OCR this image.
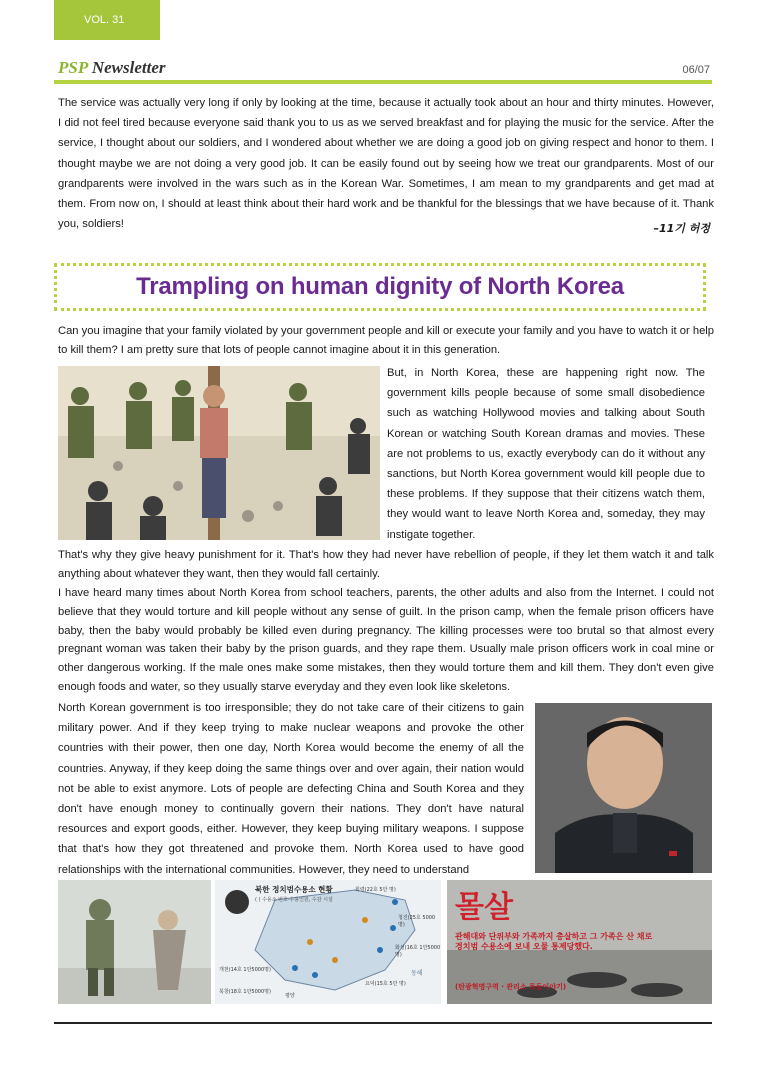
VOL. 31
PSP Newsletter	06/07

The service was actually very long if only by looking at the time, because it actually took about an hour and thirty minutes. However, I did not feel tired because everyone said thank you to us as we served breakfast and for playing the music for the service. After the service, I thought about our soldiers, and I wondered about whether we are doing a good job on giving respect and honor to them. I thought maybe we are not doing a very good job. It can be easily found out by seeing how we treat our grandparents. Most of our grandparents were involved in the wars such as in the Korean War. Sometimes, I am mean to my grandparents and get mad at them. From now on, I should at least think about their hard work and be thankful for the blessings that we have because of it. Thank you, soldiers!	–11기 허정
Trampling on human dignity of North Korea

Can you imagine that your family violated by your government people and kill or execute your family and you have to watch it or help to kill them? I am pretty sure that lots of people cannot imagine about it in this generation.

But, in North Korea, these are happening right now. The government kills people because of some small disobedience such as watching Hollywood movies and talking about South Korean or watching South Korean dramas and movies. These are not problems to us, exactly everybody can do it without any sanctions, but North Korea government would kill people due to these problems. If they suppose that their citizens watch them, they would want to leave North Korea and, someday, they may instigate together.

That's why they give heavy punishment for it. That's how they had never have rebellion of people, if they let them watch it and talk anything about whatever they want, then they would fall certainly.

I have heard many times about North Korea from school teachers, parents, the other adults and also from the Internet. I could not believe that they would torture and kill people without any sense of guilt. In the prison camp, when the female prison officers have baby, then the baby would probably be killed even during pregnancy. The killing processes were too brutal so that almost every pregnant woman was taken their baby by the prison guards, and they rape them. Usually male prison officers work in coal mine or other dangerous working. If the male ones make some mistakes, then they would torture them and kill them. They don't even give enough foods and water, so they usually starve everyday and they even look like skeletons.

North Korean government is too irresponsible; they do not take care of their citizens to gain military power. And if they keep trying to make nuclear weapons and provoke the other countries with their power, then one day, North Korea would become the enemy of all the countries. Anyway, if they keep doing the same things over and over again, their nation would not be able to exist anymore. Lots of people are defecting China and South Korea and they don't have enough money to continually govern their nations. They don't have natural resources and export goods, either. However, they keep buying military weapons. I suppose that that's how they got threatened and provoke them. North Korea used to have good relationships with the international communities. However, they need to understand

북한 정치범수용소 현황
( ) 수용소 번호·수용인원, 수감 시설
회령(22호 5만 명)
청진(25호 5000명)
화성(16호 1만5000명)
요덕(15호 5만 명)
개천(14호 1만5000명)
북창(18호 1만5000명)
동해
평양
몰살
관해대와 단위부와 가족까지 총살하고 그 가족은 산 채로 경치범 수용소에 보내 오물 통제당했다.
(탄광혁명구역 · 관리소 목동이야기)
